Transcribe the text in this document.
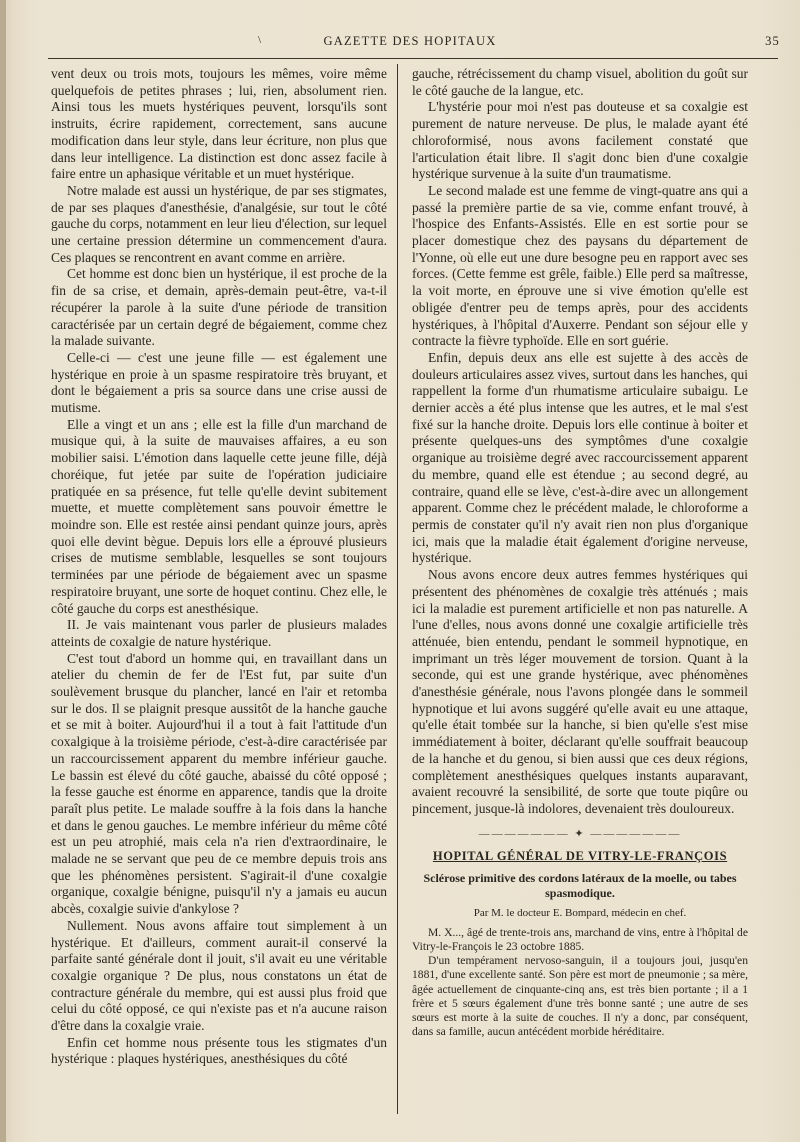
\	GAZETTE DES HOPITAUX	35

vent deux ou trois mots, toujours les mêmes, voire même quelquefois de petites phrases ; lui, rien, absolument rien. Ainsi tous les muets hystériques peuvent, lorsqu'ils sont instruits, écrire rapidement, correctement, sans aucune modification dans leur style, dans leur écriture, non plus que dans leur intelligence. La distinction est donc assez facile à faire entre un aphasique véritable et un muet hystérique.

Notre malade est aussi un hystérique, de par ses stigmates, de par ses plaques d'anesthésie, d'analgésie, sur tout le côté gauche du corps, notamment en leur lieu d'élection, sur lequel une certaine pression détermine un commencement d'aura. Ces plaques se rencontrent en avant comme en arrière.

Cet homme est donc bien un hystérique, il est proche de la fin de sa crise, et demain, après-demain peut-être, va-t-il récupérer la parole à la suite d'une période de transition caractérisée par un certain degré de bégaiement, comme chez la malade suivante.

Celle-ci — c'est une jeune fille — est également une hystérique en proie à un spasme respiratoire très bruyant, et dont le bégaiement a pris sa source dans une crise aussi de mutisme.

Elle a vingt et un ans ; elle est la fille d'un marchand de musique qui, à la suite de mauvaises affaires, a eu son mobilier saisi. L'émotion dans laquelle cette jeune fille, déjà choréique, fut jetée par suite de l'opération judiciaire pratiquée en sa présence, fut telle qu'elle devint subitement muette, et muette complètement sans pouvoir émettre le moindre son. Elle est restée ainsi pendant quinze jours, après quoi elle devint bègue. Depuis lors elle a éprouvé plusieurs crises de mutisme semblable, lesquelles se sont toujours terminées par une période de bégaiement avec un spasme respiratoire bruyant, une sorte de hoquet continu. Chez elle, le côté gauche du corps est anesthésique.

II. Je vais maintenant vous parler de plusieurs malades atteints de coxalgie de nature hystérique.

C'est tout d'abord un homme qui, en travaillant dans un atelier du chemin de fer de l'Est fut, par suite d'un soulèvement brusque du plancher, lancé en l'air et retomba sur le dos. Il se plaignit presque aussitôt de la hanche gauche et se mit à boiter. Aujourd'hui il a tout à fait l'attitude d'un coxalgique à la troisième période, c'est-à-dire caractérisée par un raccourcissement apparent du membre inférieur gauche. Le bassin est élevé du côté gauche, abaissé du côté opposé ; la fesse gauche est énorme en apparence, tandis que la droite paraît plus petite. Le malade souffre à la fois dans la hanche et dans le genou gauches. Le membre inférieur du même côté est un peu atrophié, mais cela n'a rien d'extraordinaire, le malade ne se servant que peu de ce membre depuis trois ans que les phénomènes persistent. S'agirait-il d'une coxalgie organique, coxalgie bénigne, puisqu'il n'y a jamais eu aucun abcès, coxalgie suivie d'ankylose ?

Nullement. Nous avons affaire tout simplement à un hystérique. Et d'ailleurs, comment aurait-il conservé la parfaite santé générale dont il jouit, s'il avait eu une véritable coxalgie organique ? De plus, nous constatons un état de contracture générale du membre, qui est aussi plus froid que celui du côté opposé, ce qui n'existe pas et n'a aucune raison d'être dans la coxalgie vraie.

Enfin cet homme nous présente tous les stigmates d'un hystérique : plaques hystériques, anesthésiques du côté

gauche, rétrécissement du champ visuel, abolition du goût sur le côté gauche de la langue, etc.

L'hystérie pour moi n'est pas douteuse et sa coxalgie est purement de nature nerveuse. De plus, le malade ayant été chloroformisé, nous avons facilement constaté que l'articulation était libre. Il s'agit donc bien d'une coxalgie hystérique survenue à la suite d'un traumatisme.

Le second malade est une femme de vingt-quatre ans qui a passé la première partie de sa vie, comme enfant trouvé, à l'hospice des Enfants-Assistés. Elle en est sortie pour se placer domestique chez des paysans du département de l'Yonne, où elle eut une dure besogne peu en rapport avec ses forces. (Cette femme est grêle, faible.) Elle perd sa maîtresse, la voit morte, en éprouve une si vive émotion qu'elle est obligée d'entrer peu de temps après, pour des accidents hystériques, à l'hôpital d'Auxerre. Pendant son séjour elle y contracte la fièvre typhoïde. Elle en sort guérie.

Enfin, depuis deux ans elle est sujette à des accès de douleurs articulaires assez vives, surtout dans les hanches, qui rappellent la forme d'un rhumatisme articulaire subaigu. Le dernier accès a été plus intense que les autres, et le mal s'est fixé sur la hanche droite. Depuis lors elle continue à boiter et présente quelques-uns des symptômes d'une coxalgie organique au troisième degré avec raccourcissement apparent du membre, quand elle est étendue ; au second degré, au contraire, quand elle se lève, c'est-à-dire avec un allongement apparent. Comme chez le précédent malade, le chloroforme a permis de constater qu'il n'y avait rien non plus d'organique ici, mais que la maladie était également d'origine nerveuse, hystérique.

Nous avons encore deux autres femmes hystériques qui présentent des phénomènes de coxalgie très atténués ; mais ici la maladie est purement artificielle et non pas naturelle. A l'une d'elles, nous avons donné une coxalgie artificielle très atténuée, bien entendu, pendant le sommeil hypnotique, en imprimant un très léger mouvement de torsion. Quant à la seconde, qui est une grande hystérique, avec phénomènes d'anesthésie générale, nous l'avons plongée dans le sommeil hypnotique et lui avons suggéré qu'elle avait eu une attaque, qu'elle était tombée sur la hanche, si bien qu'elle s'est mise immédiatement à boiter, déclarant qu'elle souffrait beaucoup de la hanche et du genou, si bien aussi que ces deux régions, complètement anesthésiques quelques instants auparavant, avaient recouvré la sensibilité, de sorte que toute piqûre ou pincement, jusque-là indolores, devenaient très douloureux.

——————— ✦ ———————
HOPITAL GÉNÉRAL DE VITRY-LE-FRANÇOIS
Sclérose primitive des cordons latéraux de la moelle, ou tabes spasmodique.
Par M. le docteur E. Bompard, médecin en chef.

M. X..., âgé de trente-trois ans, marchand de vins, entre à l'hôpital de Vitry-le-François le 23 octobre 1885.

D'un tempérament nervoso-sanguin, il a toujours joui, jusqu'en 1881, d'une excellente santé. Son père est mort de pneumonie ; sa mère, âgée actuellement de cinquante-cinq ans, est très bien portante ; il a 1 frère et 5 sœurs également d'une très bonne santé ; une autre de ses sœurs est morte à la suite de couches. Il n'y a donc, par conséquent, dans sa famille, aucun antécédent morbide héréditaire.
